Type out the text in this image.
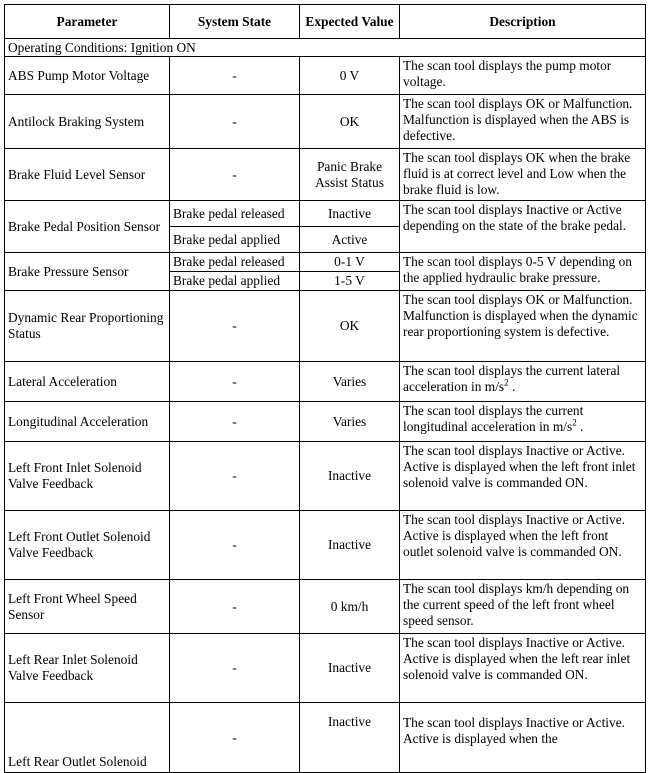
Parameter	System State	Expected Value	Description
Operating Conditions: Ignition ON			
ABS Pump Motor Voltage	-	0 V	The scan tool displays the pump motor voltage.
Antilock Braking System	-	OK	The scan tool displays OK or Malfunction. Malfunction is displayed when the ABS is defective.
Brake Fluid Level Sensor	-	Panic Brake Assist Status	The scan tool displays OK when the brake fluid is at correct level and Low when the brake fluid is low.
Brake Pedal Position Sensor	Brake pedal released	Inactive	The scan tool displays Inactive or Active depending on the state of the brake pedal.
	Brake pedal applied	Active	
Brake Pressure Sensor	Brake pedal released	0-1 V	The scan tool displays 0-5 V depending on the applied hydraulic brake pressure.
	Brake pedal applied	1-5 V	
Dynamic Rear Proportioning Status	-	OK	The scan tool displays OK or Malfunction. Malfunction is displayed when the dynamic rear proportioning system is defective.
Lateral Acceleration	-	Varies	The scan tool displays the current lateral acceleration in $m/s^2$ .
Longitudinal Acceleration	-	Varies	The scan tool displays the current longitudinal acceleration in $m/s^2$ .
Left Front Inlet Solenoid Valve Feedback	-	Inactive	The scan tool displays Inactive or Active. Active is displayed when the left front inlet solenoid valve is commanded ON.
Left Front Outlet Solenoid Valve Feedback	-	Inactive	The scan tool displays Inactive or Active. Active is displayed when the left front outlet solenoid valve is commanded ON.
Left Front Wheel Speed Sensor	-	0 km/h	The scan tool displays km/h depending on the current speed of the left front wheel speed sensor.
Left Rear Inlet Solenoid Valve Feedback	-	Inactive	The scan tool displays Inactive or Active. Active is displayed when the left rear inlet solenoid valve is commanded ON.
Left Rear Outlet Solenoid	-	Inactive	The scan tool displays Inactive or Active. Active is displayed when the
